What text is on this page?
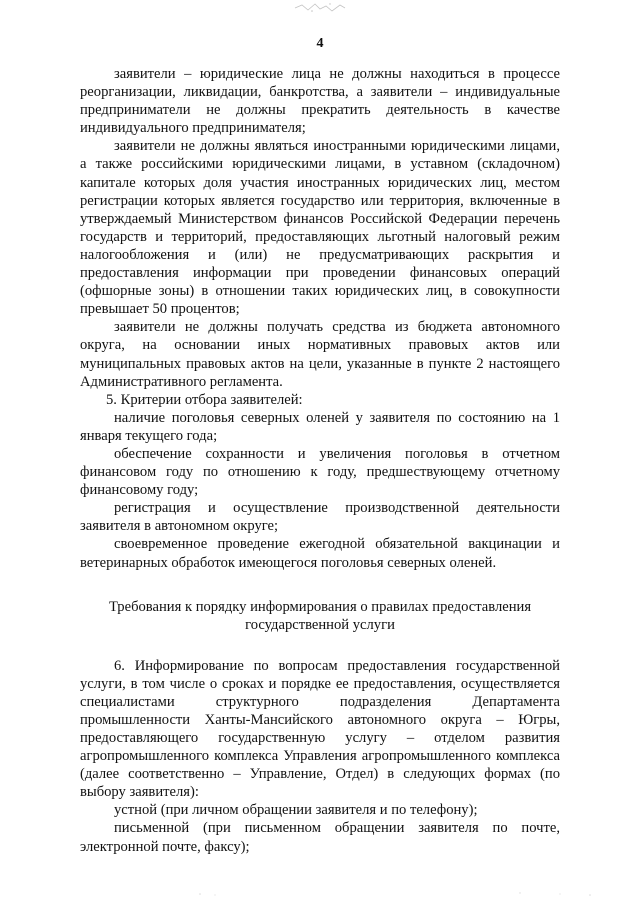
4

заявители – юридические лица не должны находиться в процессе реорганизации, ликвидации, банкротства, а заявители – индивидуальные предприниматели не должны прекратить деятельность в качестве индивидуального предпринимателя;

заявители не должны являться иностранными юридическими лицами, а также российскими юридическими лицами, в уставном (складочном) капитале которых доля участия иностранных юридических лиц, местом регистрации которых является государство или территория, включенные в утверждаемый Министерством финансов Российской Федерации перечень государств и территорий, предоставляющих льготный налоговый режим налогообложения и (или) не предусматривающих раскрытия и предоставления информации при проведении финансовых операций (офшорные зоны) в отношении таких юридических лиц, в совокупности превышает 50 процентов;

заявители не должны получать средства из бюджета автономного округа, на основании иных нормативных правовых актов или муниципальных правовых актов на цели, указанные в пункте 2 настоящего Административного регламента.

5. Критерии отбора заявителей:

наличие поголовья северных оленей у заявителя по состоянию на 1 января текущего года;

обеспечение сохранности и увеличения поголовья в отчетном финансовом году по отношению к году, предшествующему отчетному финансовому году;

регистрация и осуществление производственной деятельности заявителя в автономном округе;

своевременное проведение ежегодной обязательной вакцинации и ветеринарных обработок имеющегося поголовья северных оленей.

Требования к порядку информирования о правилах предоставления
государственной услуги

6. Информирование по вопросам предоставления государственной услуги, в том числе о сроках и порядке ее предоставления, осуществляется специалистами структурного подразделения Департамента промышленности Ханты-Мансийского автономного округа – Югры, предоставляющего государственную услугу – отделом развития агропромышленного комплекса Управления агропромышленного комплекса (далее соответственно – Управление, Отдел) в следующих формах (по выбору заявителя):

устной (при личном обращении заявителя и по телефону);

письменной (при письменном обращении заявителя по почте, электронной почте, факсу);
